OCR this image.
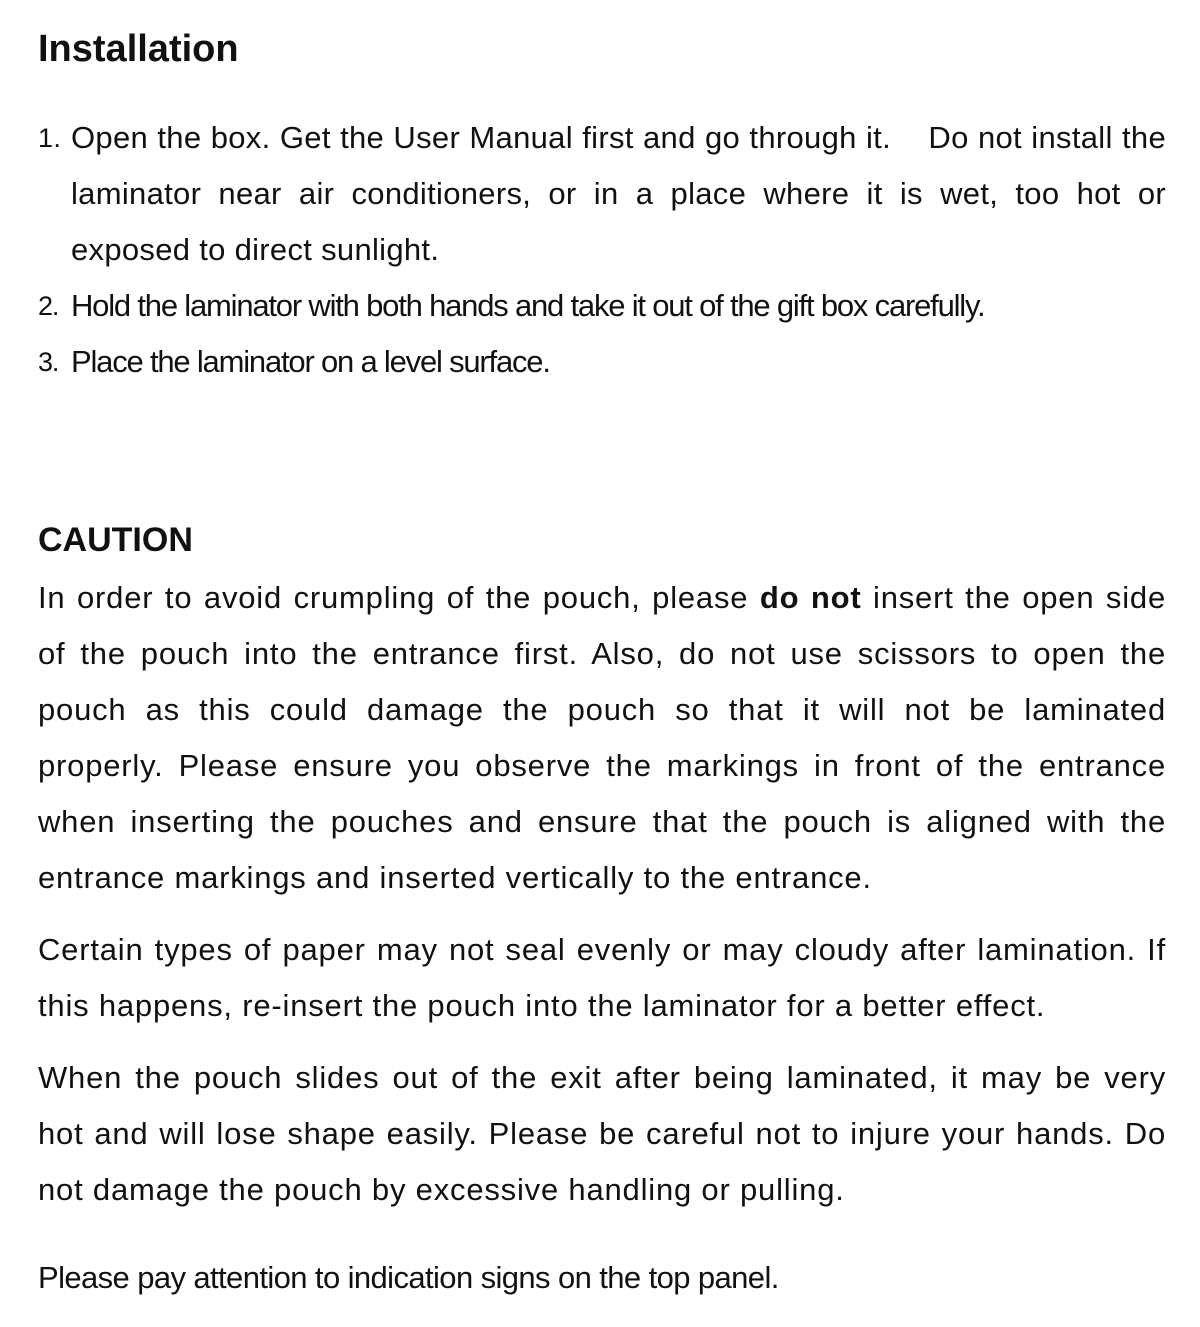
Installation
1. Open the box. Get the User Manual first and go through it.    Do not install the laminator near air conditioners, or in a place where it is wet, too hot or exposed to direct sunlight.
2. Hold the laminator with both hands and take it out of the gift box carefully.
3. Place the laminator on a level surface.
CAUTION

In order to avoid crumpling of the pouch, please do not insert the open side of the pouch into the entrance first. Also, do not use scissors to open the pouch as this could damage the pouch so that it will not be laminated properly. Please ensure you observe the markings in front of the entrance when inserting the pouches and ensure that the pouch is aligned with the entrance markings and inserted vertically to the entrance.

Certain types of paper may not seal evenly or may cloudy after lamination. If this happens, re-insert the pouch into the laminator for a better effect.

When the pouch slides out of the exit after being laminated, it may be very hot and will lose shape easily. Please be careful not to injure your hands. Do not damage the pouch by excessive handling or pulling.

Please pay attention to indication signs on the top panel.
